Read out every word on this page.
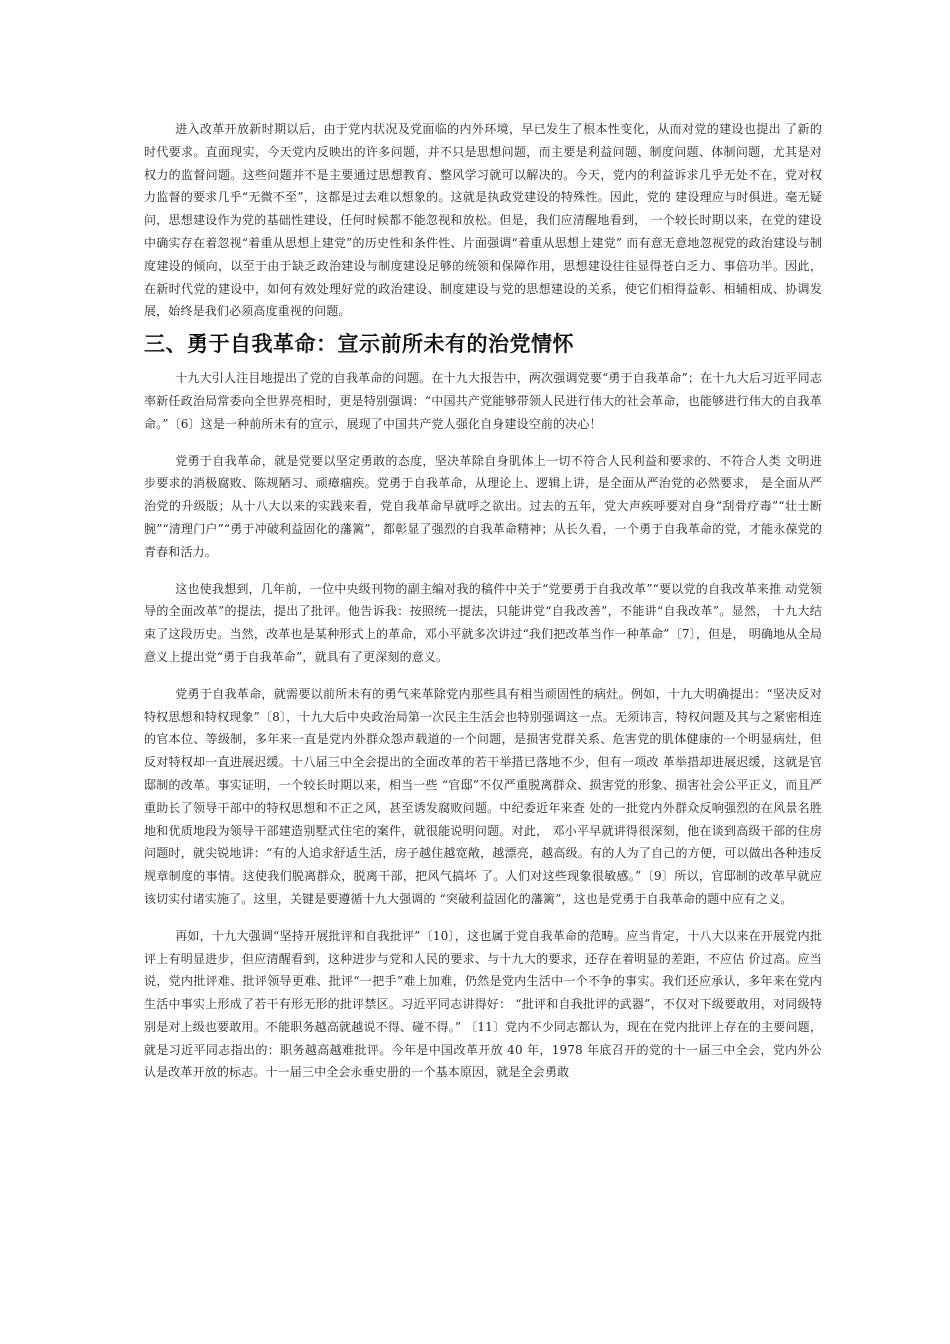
进入改革开放新时期以后，由于党内状况及党面临的内外环境，早已发生了根本性变化，从而对党的建设也提出 了新的时代要求。直面现实，今天党内反映出的许多问题，并不只是思想问题，而主要是利益问题、制度问题、体制问题，尤其是对权力的监督问题。这些问题并不是主要通过思想教育、整风学习就可以解决的。今天，党内的利益诉求几乎无处不在，党对权力监督的要求几乎“无微不至”，这都是过去难以想象的。这就是执政党建设的特殊性。因此，党的 建设理应与时俱进。毫无疑问，思想建设作为党的基础性建设，任何时候都不能忽视和放松。但是，我们应清醒地看到， 一个较长时期以来，在党的建设中确实存在着忽视“着重从思想上建党”的历史性和条件性、片面强调“着重从思想上建党” 而有意无意地忽视党的政治建设与制度建设的倾向，以至于由于缺乏政治建设与制度建设足够的统领和保障作用，思想建设往往显得苍白乏力、事倍功半。因此，在新时代党的建设中，如何有效处理好党的政治建设、制度建设与党的思想建设的关系，使它们相得益彰、相辅相成、协调发展，始终是我们必须高度重视的问题。

三、勇于自我革命：宣示前所未有的治党情怀

十九大引人注目地提出了党的自我革命的问题。在十九大报告中，两次强调党要“勇于自我革命”；在十九大后习近平同志率新任政治局常委向全世界亮相时，更是特别强调：“中国共产党能够带领人民进行伟大的社会革命，也能够进行伟大的自我革命。”〔6〕这是一种前所未有的宣示，展现了中国共产党人强化自身建设空前的决心！

党勇于自我革命，就是党要以坚定勇敢的态度，坚决革除自身肌体上一切不符合人民利益和要求的、不符合人类 文明进步要求的消极腐败、陈规陋习、顽瘴痼疾。党勇于自我革命，从理论上、逻辑上讲，是全面从严治党的必然要求， 是全面从严治党的升级版；从十八大以来的实践来看，党自我革命早就呼之欲出。过去的五年，党大声疾呼要对自身“刮骨疗毒”“壮士断腕”“清理门户”“勇于冲破利益固化的藩篱”，都彰显了强烈的自我革命精神；从长久看，一个勇于自我革命的党，才能永葆党的青春和活力。

这也使我想到，几年前，一位中央级刊物的副主编对我的稿件中关于“党要勇于自我改革”“要以党的自我改革来推 动党领导的全面改革”的提法，提出了批评。他告诉我：按照统一提法，只能讲党“自我改善”，不能讲“自我改革”。显然， 十九大结束了这段历史。当然，改革也是某种形式上的革命，邓小平就多次讲过“我们把改革当作一种革命”〔7〕，但是， 明确地从全局意义上提出党“勇于自我革命”，就具有了更深刻的意义。

党勇于自我革命，就需要以前所未有的勇气来革除党内那些具有相当顽固性的病灶。例如，十九大明确提出：“坚决反对特权思想和特权现象”〔8〕，十九大后中央政治局第一次民主生活会也特别强调这一点。无须讳言，特权问题及其与之紧密相连的官本位、等级制，多年来一直是党内外群众怨声载道的一个问题，是损害党群关系、危害党的肌体健康的一个明显病灶，但反对特权却一直进展迟缓。十八届三中全会提出的全面改革的若干举措已落地不少，但有一项改 革举措却进展迟缓，这就是官邸制的改革。事实证明，一个较长时期以来，相当一些 “官邸”不仅严重脱离群众、损害党的形象、损害社会公平正义，而且严重助长了领导干部中的特权思想和不正之风，甚至诱发腐败问题。中纪委近年来查 处的一批党内外群众反响强烈的在风景名胜地和优质地段为领导干部建造别墅式住宅的案件，就很能说明问题。对此， 邓小平早就讲得很深刻，他在谈到高级干部的住房问题时，就尖锐地讲：“有的人追求舒适生活，房子越住越宽敞，越漂亮，越高级。有的人为了自己的方便，可以做出各种违反规章制度的事情。这使我们脱离群众，脱离干部，把风气搞坏 了。人们对这些现象很敏感。”〔9〕所以，官邸制的改革早就应该切实付诸实施了。这里，关键是要遵循十九大强调的 “突破利益固化的藩篱”，这也是党勇于自我革命的题中应有之义。

再如，十九大强调“坚持开展批评和自我批评”〔10〕，这也属于党自我革命的范畴。应当肯定，十八大以来在开展党内批评上有明显进步，但应清醒看到，这种进步与党和人民的要求、与十九大的要求，还存在着明显的差距，不应估 价过高。应当说，党内批评难、批评领导更难、批评“一把手”难上加难，仍然是党内生活中一个不争的事实。我们还应承认，多年来在党内生活中事实上形成了若干有形无形的批评禁区。习近平同志讲得好： “批评和自我批评的武器”，不仅对下级要敢用，对同级特别是对上级也要敢用。不能职务越高就越说不得、碰不得。” 〔11〕党内不少同志都认为，现在在党内批评上存在的主要问题，就是习近平同志指出的：职务越高越难批评。今年是中国改革开放 40 年，1978 年底召开的党的十一届三中全会，党内外公认是改革开放的标志。十一届三中全会永垂史册的一个基本原因，就是全会勇敢
